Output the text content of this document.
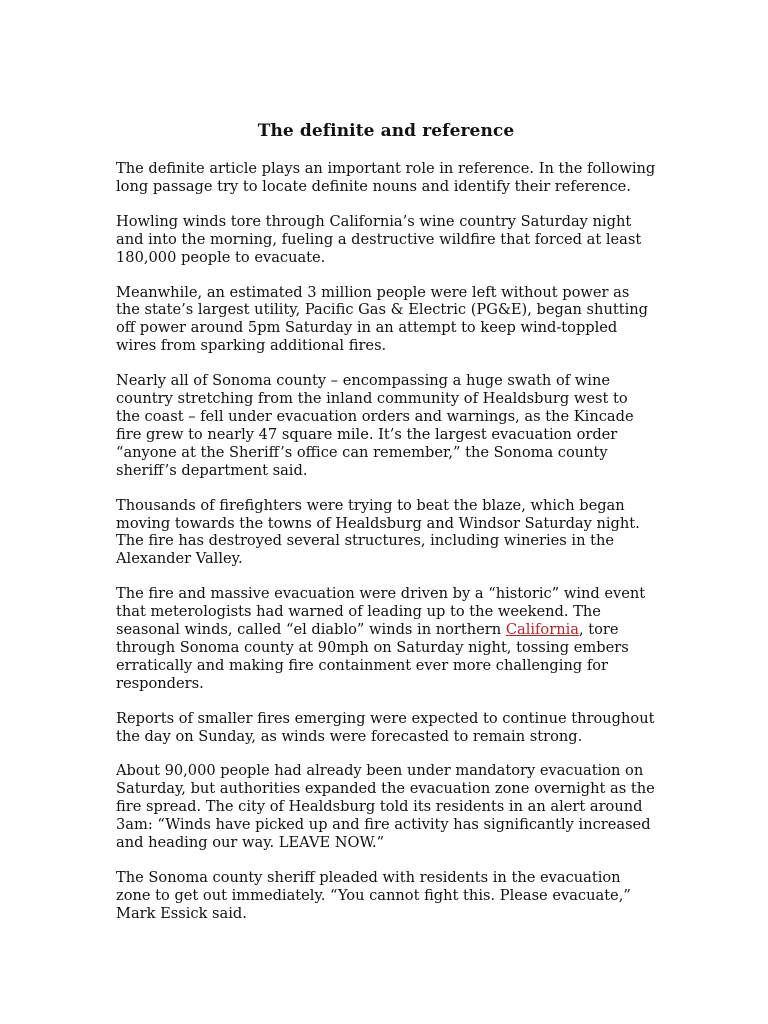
The definite and reference

The definite article plays an important role in reference. In the following
long passage try to locate definite nouns and identify their reference.

Howling winds tore through California’s wine country Saturday night
and into the morning, fueling a destructive wildfire that forced at least
180,000 people to evacuate.

Meanwhile, an estimated 3 million people were left without power as
the state’s largest utility, Pacific Gas & Electric (PG&E), began shutting
off power around 5pm Saturday in an attempt to keep wind-toppled
wires from sparking additional fires.

Nearly all of Sonoma county – encompassing a huge swath of wine
country stretching from the inland community of Healdsburg west to
the coast – fell under evacuation orders and warnings, as the Kincade
fire grew to nearly 47 square mile. It’s the largest evacuation order
“anyone at the Sheriff’s office can remember,” the Sonoma county
sheriff’s department said.

Thousands of firefighters were trying to beat the blaze, which began
moving towards the towns of Healdsburg and Windsor Saturday night.
The fire has destroyed several structures, including wineries in the
Alexander Valley.

The fire and massive evacuation were driven by a “historic” wind event
that meterologists had warned of leading up to the weekend. The
seasonal winds, called “el diablo” winds in northern California, tore
through Sonoma county at 90mph on Saturday night, tossing embers
erratically and making fire containment ever more challenging for
responders.

Reports of smaller fires emerging were expected to continue throughout
the day on Sunday, as winds were forecasted to remain strong.

About 90,000 people had already been under mandatory evacuation on
Saturday, but authorities expanded the evacuation zone overnight as the
fire spread. The city of Healdsburg told its residents in an alert around
3am: “Winds have picked up and fire activity has significantly increased
and heading our way. LEAVE NOW.”

The Sonoma county sheriff pleaded with residents in the evacuation
zone to get out immediately. “You cannot fight this. Please evacuate,”
Mark Essick said.
